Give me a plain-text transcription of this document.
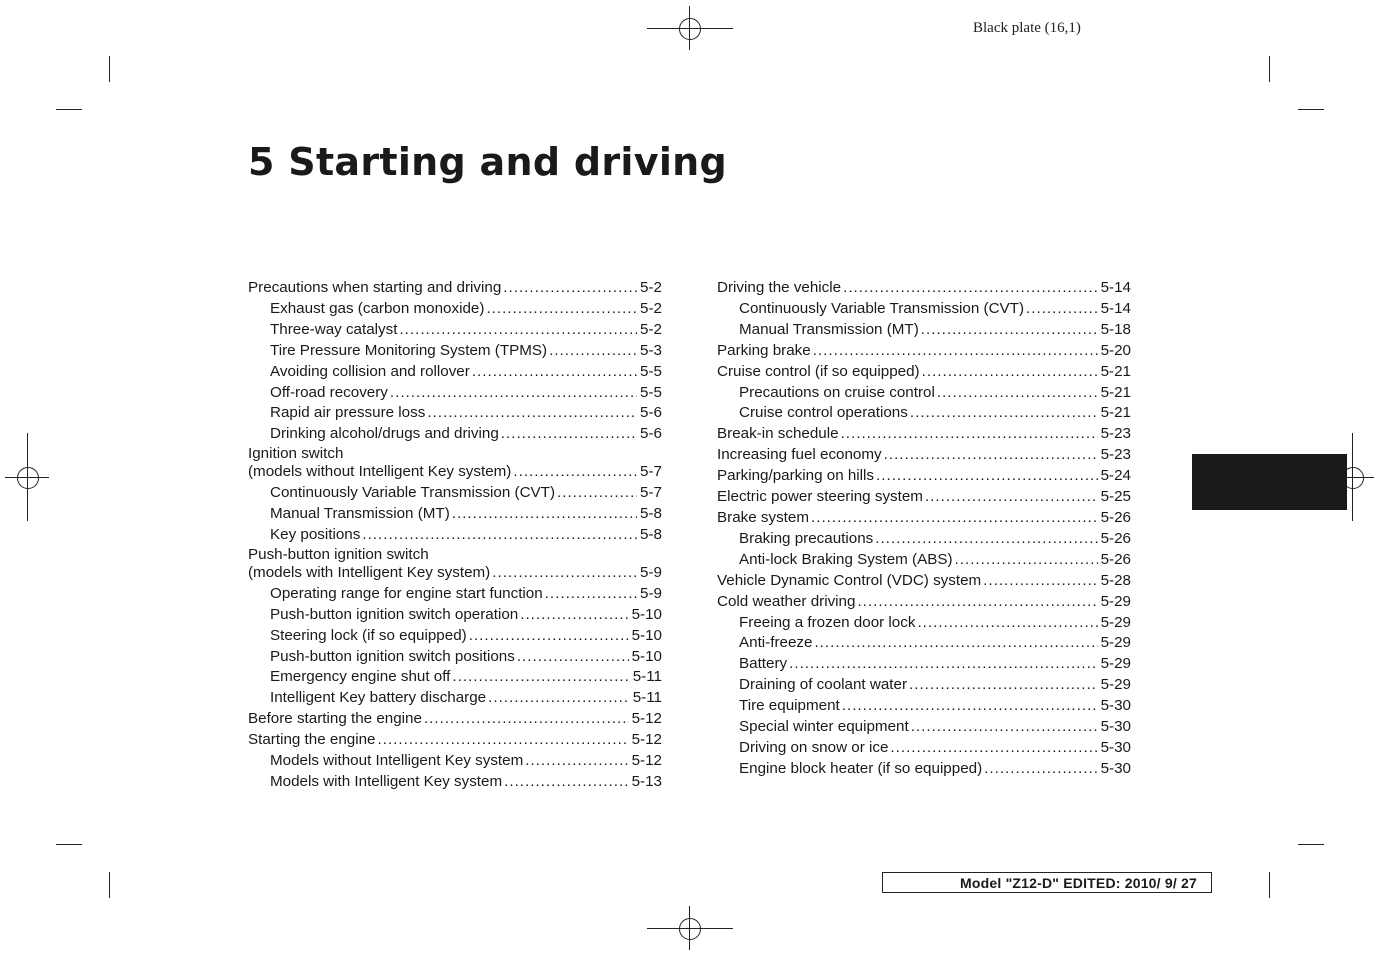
Black plate (16,1)
5 Starting and driving
Precautions when starting and driving .....	5-2
Exhaust gas (carbon monoxide) .....	5-2
Three-way catalyst .....	5-2
Tire Pressure Monitoring System (TPMS) .....	5-3
Avoiding collision and rollover .....	5-5
Off-road recovery .....	5-5
Rapid air pressure loss .....	5-6
Drinking alcohol/drugs and driving .....	5-6
Ignition switch
(models without Intelligent Key system) .....	5-7
Continuously Variable Transmission (CVT) .....	5-7
Manual Transmission (MT) .....	5-8
Key positions .....	5-8
Push-button ignition switch
(models with Intelligent Key system) .....	5-9
Operating range for engine start function .....	5-9
Push-button ignition switch operation .....	5-10
Steering lock (if so equipped) .....	5-10
Push-button ignition switch positions .....	5-10
Emergency engine shut off .....	5-11
Intelligent Key battery discharge .....	5-11
Before starting the engine .....	5-12
Starting the engine .....	5-12
Models without Intelligent Key system .....	5-12
Models with Intelligent Key system .....	5-13
Driving the vehicle .....	5-14
Continuously Variable Transmission (CVT) .....	5-14
Manual Transmission (MT) .....	5-18
Parking brake .....	5-20
Cruise control (if so equipped) .....	5-21
Precautions on cruise control .....	5-21
Cruise control operations .....	5-21
Break-in schedule .....	5-23
Increasing fuel economy .....	5-23
Parking/parking on hills .....	5-24
Electric power steering system .....	5-25
Brake system .....	5-26
Braking precautions .....	5-26
Anti-lock Braking System (ABS) .....	5-26
Vehicle Dynamic Control (VDC) system .....	5-28
Cold weather driving .....	5-29
Freeing a frozen door lock .....	5-29
Anti-freeze .....	5-29
Battery .....	5-29
Draining of coolant water .....	5-29
Tire equipment .....	5-30
Special winter equipment .....	5-30
Driving on snow or ice .....	5-30
Engine block heater (if so equipped) .....	5-30
Model "Z12-D" EDITED: 2010/ 9/ 27
